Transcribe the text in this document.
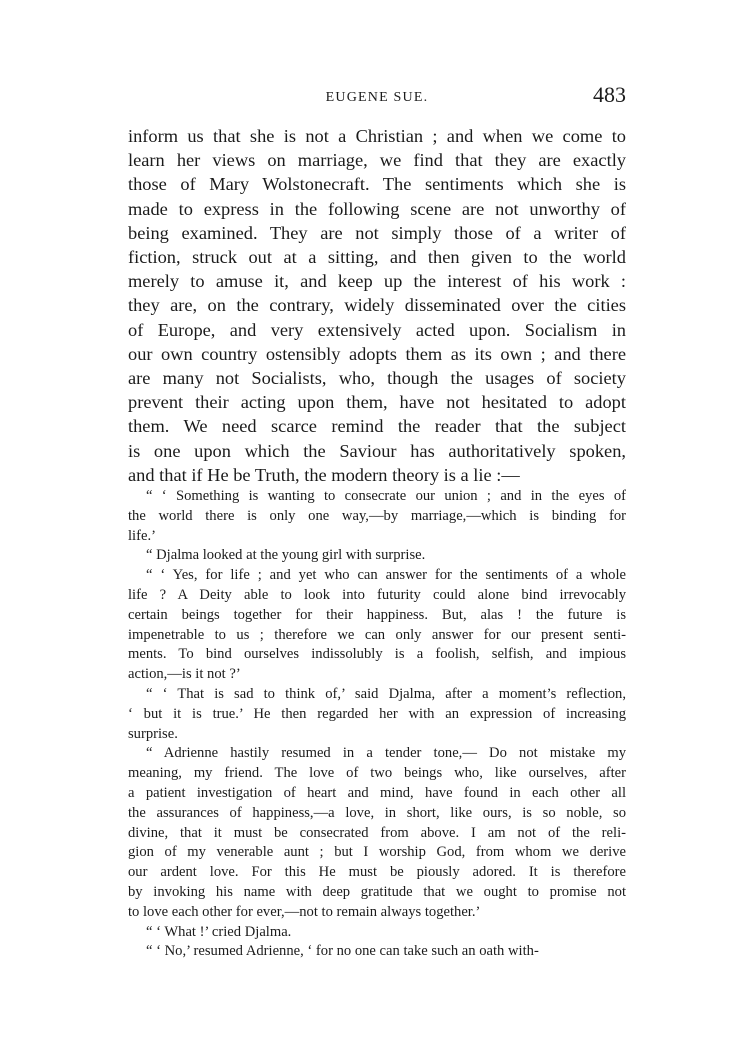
EUGENE SUE.	483
inform us that she is not a Christian ; and when we come to
learn her views on marriage, we find that they are exactly
those of Mary Wolstonecraft. The sentiments which she is
made to express in the following scene are not unworthy of
being examined. They are not simply those of a writer of
fiction, struck out at a sitting, and then given to the world
merely to amuse it, and keep up the interest of his work :
they are, on the contrary, widely disseminated over the cities
of Europe, and very extensively acted upon. Socialism in
our own country ostensibly adopts them as its own ; and there
are many not Socialists, who, though the usages of society
prevent their acting upon them, have not hesitated to adopt
them. We need scarce remind the reader that the subject
is one upon which the Saviour has authoritatively spoken,
and that if He be Truth, the modern theory is a lie :—

“ ‘ Something is wanting to consecrate our union ; and in the eyes of
the world there is only one way,—by marriage,—which is binding for
life.’

“ Djalma looked at the young girl with surprise.

“ ‘ Yes, for life ; and yet who can answer for the sentiments of a whole
life ? A Deity able to look into futurity could alone bind irrevocably
certain beings together for their happiness. But, alas ! the future is
impenetrable to us ; therefore we can only answer for our present senti-
ments. To bind ourselves indissolubly is a foolish, selfish, and impious
action,—is it not ?’

“ ‘ That is sad to think of,’ said Djalma, after a moment’s reflection,
‘ but it is true.’ He then regarded her with an expression of increasing
surprise.

“ Adrienne hastily resumed in a tender tone,— Do not mistake my
meaning, my friend. The love of two beings who, like ourselves, after
a patient investigation of heart and mind, have found in each other all
the assurances of happiness,—a love, in short, like ours, is so noble, so
divine, that it must be consecrated from above. I am not of the reli-
gion of my venerable aunt ; but I worship God, from whom we derive
our ardent love. For this He must be piously adored. It is therefore
by invoking his name with deep gratitude that we ought to promise not
to love each other for ever,—not to remain always together.’

“ ‘ What !’ cried Djalma.

“ ‘ No,’ resumed Adrienne, ‘ for no one can take such an oath with-
